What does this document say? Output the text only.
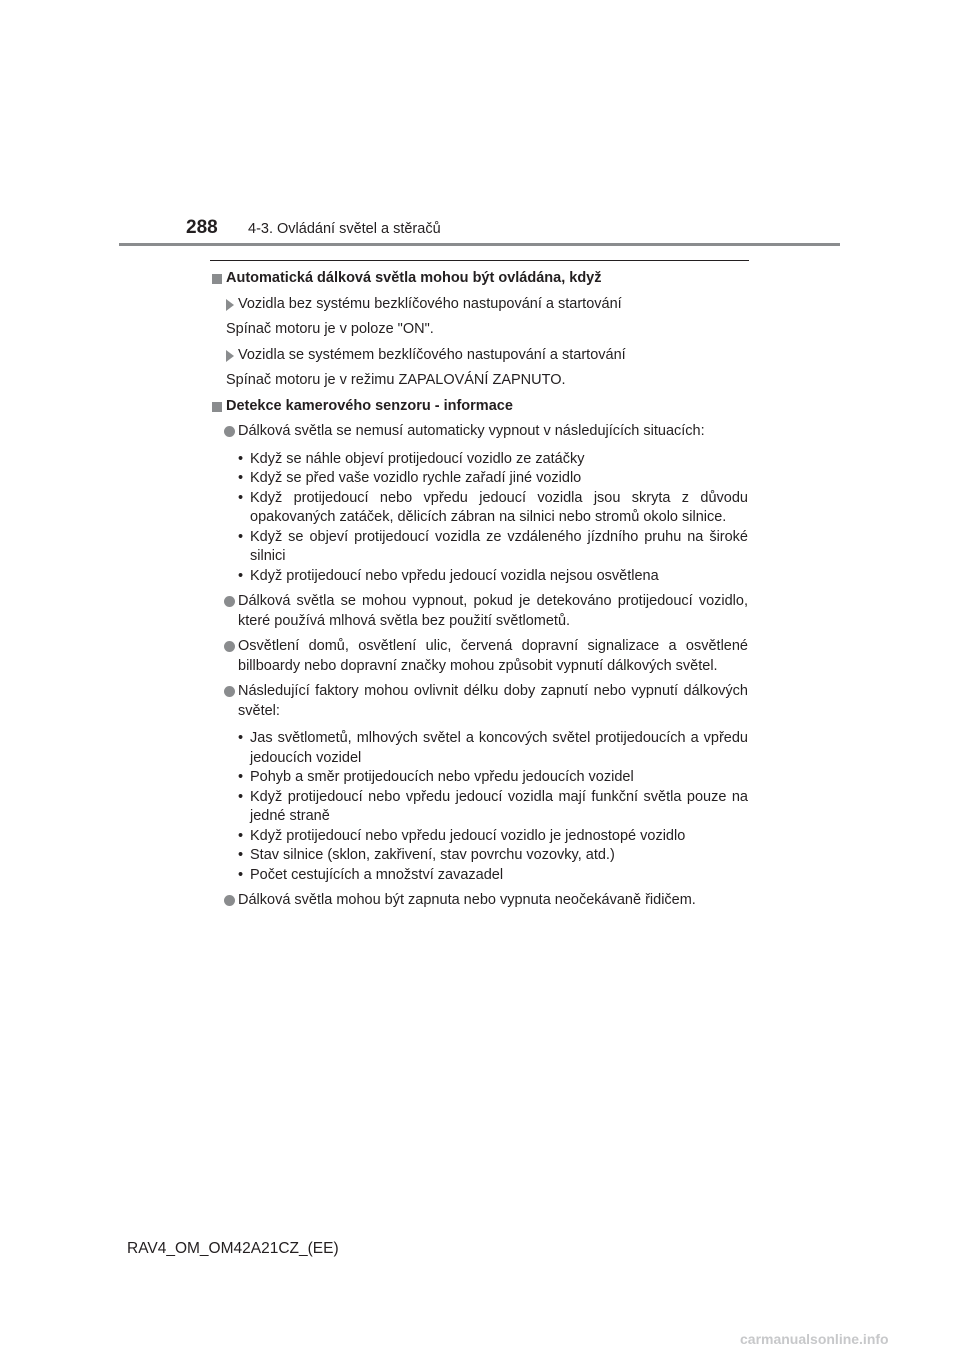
288 4-3. Ovládání světel a stěračů
Automatická dálková světla mohou být ovládána, když
Vozidla bez systému bezklíčového nastupování a startování
Spínač motoru je v poloze "ON".
Vozidla se systémem bezklíčového nastupování a startování
Spínač motoru je v režimu ZAPALOVÁNÍ ZAPNUTO.
Detekce kamerového senzoru - informace
Dálková světla se nemusí automaticky vypnout v následujících situacích:
• Když se náhle objeví protijedoucí vozidlo ze zatáčky
• Když se před vaše vozidlo rychle zařadí jiné vozidlo
• Když protijedoucí nebo vpředu jedoucí vozidla jsou skryta z důvodu opakovaných zatáček, dělicích zábran na silnici nebo stromů okolo silnice.
• Když se objeví protijedoucí vozidla ze vzdáleného jízdního pruhu na široké silnici
• Když protijedoucí nebo vpředu jedoucí vozidla nejsou osvětlena
Dálková světla se mohou vypnout, pokud je detekováno protijedoucí vozidlo, které používá mlhová světla bez použití světlometů.
Osvětlení domů, osvětlení ulic, červená dopravní signalizace a osvětlené billboardy nebo dopravní značky mohou způsobit vypnutí dálkových světel.
Následující faktory mohou ovlivnit délku doby zapnutí nebo vypnutí dálkových světel:
• Jas světlometů, mlhových světel a koncových světel protijedoucích a vpředu jedoucích vozidel
• Pohyb a směr protijedoucích nebo vpředu jedoucích vozidel
• Když protijedoucí nebo vpředu jedoucí vozidla mají funkční světla pouze na jedné straně
• Když protijedoucí nebo vpředu jedoucí vozidlo je jednostopé vozidlo
• Stav silnice (sklon, zakřivení, stav povrchu vozovky, atd.)
• Počet cestujících a množství zavazadel
Dálková světla mohou být zapnuta nebo vypnuta neočekávaně řidičem.
RAV4_OM_OM42A21CZ_(EE)
carmanualsonline.info
